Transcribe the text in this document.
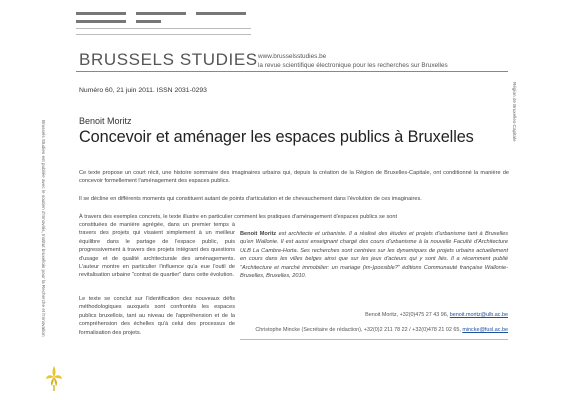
BRUSSELS STUDIES www.brusselsstudies.be
la revue scientifique électronique pour les recherches sur Bruxelles
Région de Bruxelles-Capitale
Brussels Studies est publiée avec le soutien d'Innoviris, Institut bruxellois pour la Recherche et l'Innovation
Numéro 60, 21 juin 2011. ISSN 2031-0293
Benoit Moritz
Concevoir et aménager les espaces publics à Bruxelles
Ce texte propose un court récit, une histoire sommaire des imaginaires urbains qui, depuis la création de la Région de Bruxelles-Capitale, ont conditionné la manière de concevoir formellement l'aménagement des espaces publics.
Il se décline en différents moments qui constituent autant de points d'articulation et de chevauchement dans l'évolution de ces imaginaires.
À travers des exemples concrets, le texte illustre en particulier comment les pratiques d'aménagement d'espaces publics se sont
constituées de manière agrégée, dans un premier temps à travers des projets qui visaient simplement à un meilleur équilibre dans le partage de l'espace public, puis progressivement à travers des projets intégrant des questions d'usage et de qualité architecturale des aménagements. L'auteur montre en particulier l'influence qu'a eue l'outil de revitalisation urbaine "contrat de quartier" dans cette évolution.
Le texte se conclut sur l'identification des nouveaux défis méthodologiques auxquels sont confrontés les espaces publics bruxellois, tant au niveau de l'appréhension et de la compréhension des échelles qu'à celui des processus de formalisation des projets.
Benoit Moritz est architecte et urbaniste. Il a réalisé des études et projets d'urbanisme tant à Bruxelles qu'en Wallonie. Il est aussi enseignant chargé des cours d'urbanisme à la nouvelle Faculté d'Architecture ULB La Cambre-Horta. Ses recherches sont centrées sur les dynamiques de projets urbains actuellement en cours dans les villes belges ainsi que sur les jeux d'acteurs qui y sont liés. Il a récemment publié "Architecture et marché immobilier: un mariage (im-)possible?" éditions Communauté française Wallonie-Bruxelles, Bruxelles, 2010.
Benoit Moritz, +32(0)475 27 43 96, benoit.moritz@ulb.ac.be
Christophe Mincke (Secrétaire de rédaction), +32(0)2 211 78 22 / +32(0)478 21 02 65, mincke@fusl.ac.be
